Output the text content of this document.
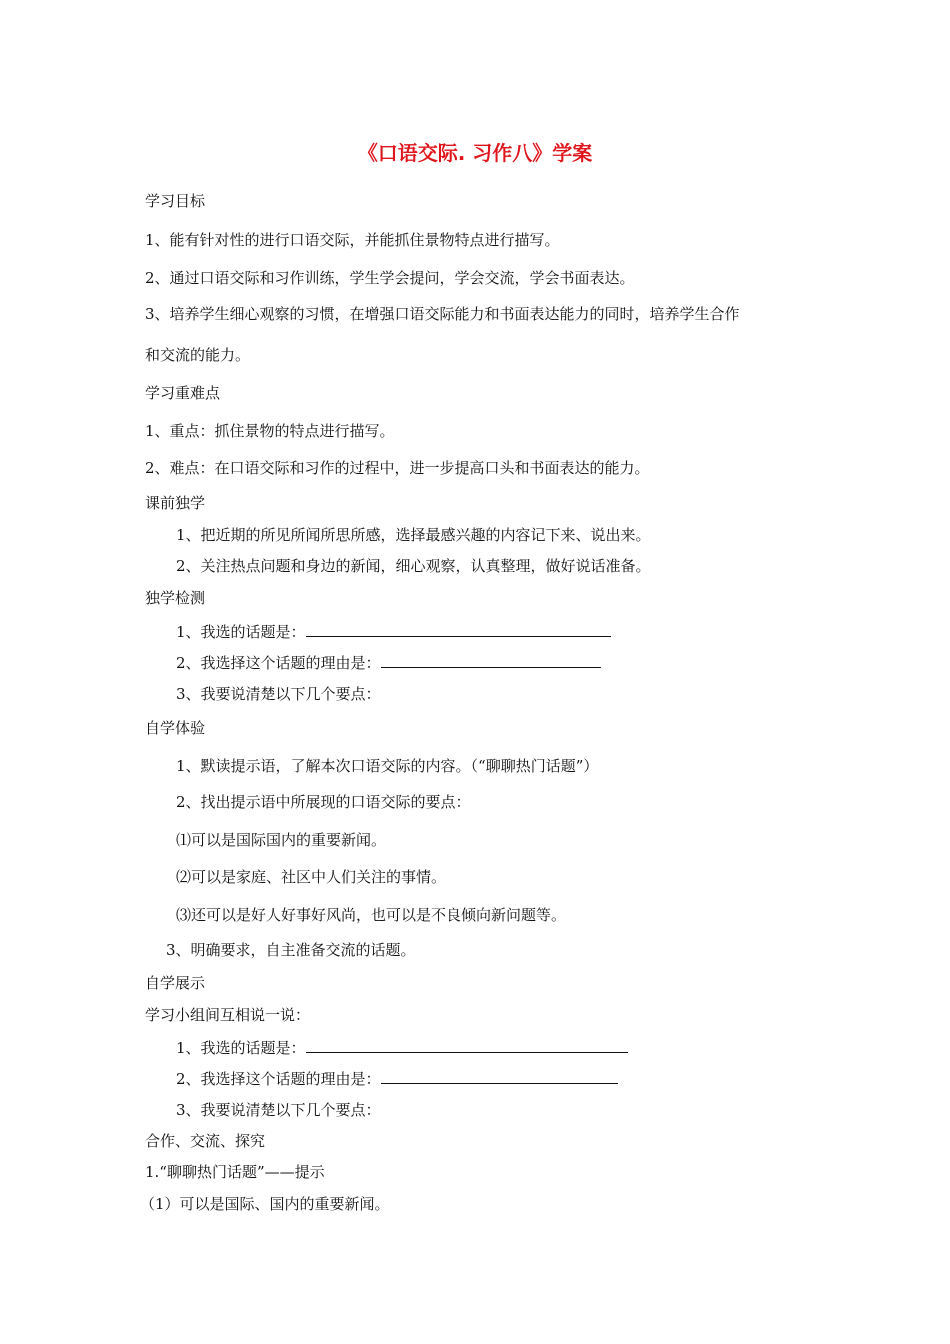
《口语交际. 习作八》学案
学习目标
1、能有针对性的进行口语交际，并能抓住景物特点进行描写。
2、通过口语交际和习作训练，学生学会提问，学会交流，学会书面表达。
3、培养学生细心观察的习惯，在增强口语交际能力和书面表达能力的同时，培养学生合作
和交流的能力。
学习重难点
1、重点：抓住景物的特点进行描写。
2、难点：在口语交际和习作的过程中，进一步提高口头和书面表达的能力。
课前独学
1、把近期的所见所闻所思所感，选择最感兴趣的内容记下来、说出来。
2、关注热点问题和身边的新闻，细心观察，认真整理，做好说话准备。
独学检测
1、我选的话题是：
2、我选择这个话题的理由是：
3、我要说清楚以下几个要点：
自学体验
1、默读提示语，了解本次口语交际的内容。（“聊聊热门话题”）
2、找出提示语中所展现的口语交际的要点：
⑴可以是国际国内的重要新闻。
⑵可以是家庭、社区中人们关注的事情。
⑶还可以是好人好事好风尚，也可以是不良倾向新问题等。
3、明确要求，自主准备交流的话题。
自学展示
学习小组间互相说一说：
1、我选的话题是：
2、我选择这个话题的理由是：
3、我要说清楚以下几个要点：
合作、交流、探究
1.“聊聊热门话题”——提示
（1）可以是国际、国内的重要新闻。
